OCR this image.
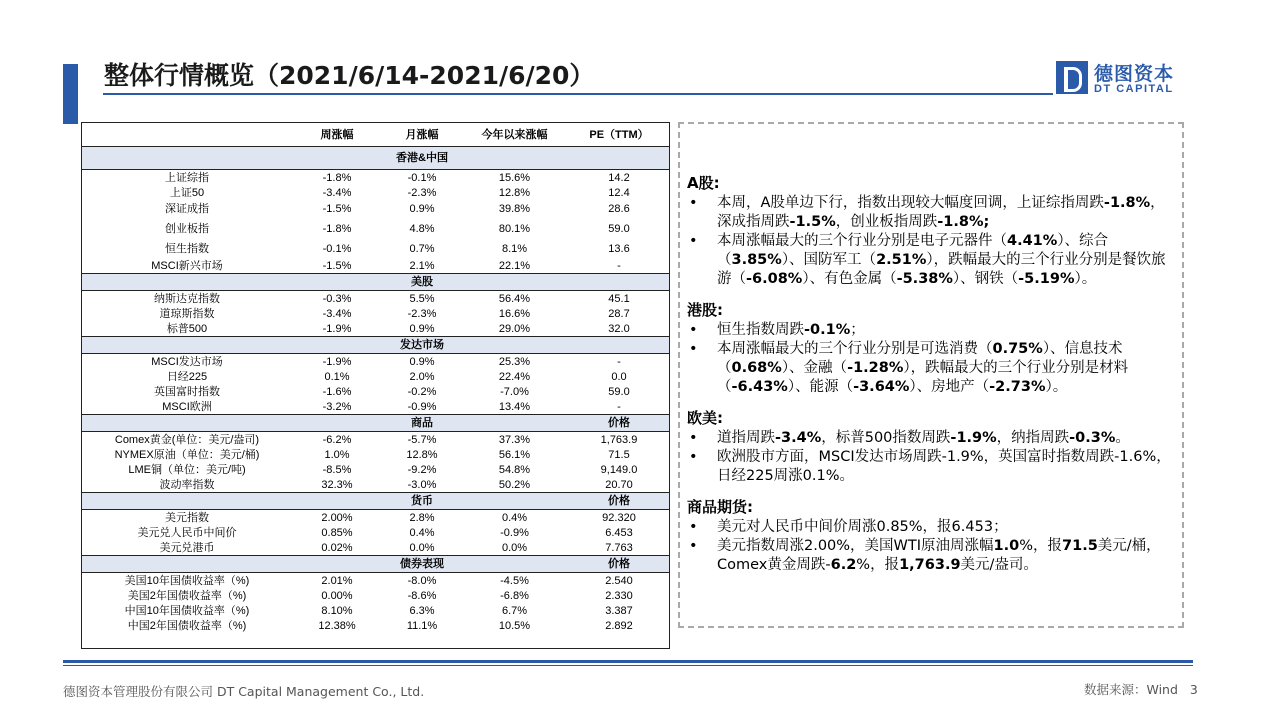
整体行情概览（2021/6/14-2021/6/20）	德图资本
DT CAPITAL
	周涨幅	月涨幅	今年以来涨幅	PE（TTM）
		香港&中国		
上证综指	-1.8%	-0.1%	15.6%	14.2
上证50	-3.4%	-2.3%	12.8%	12.4
深证成指	-1.5%	0.9%	39.8%	28.6
创业板指	-1.8%	4.8%	80.1%	59.0
恒生指数	-0.1%	0.7%	8.1%	13.6
MSCI新兴市场	-1.5%	2.1%	22.1%	-
		美股		
纳斯达克指数	-0.3%	5.5%	56.4%	45.1
道琼斯指数	-3.4%	-2.3%	16.6%	28.7
标普500	-1.9%	0.9%	29.0%	32.0
		发达市场		
MSCI发达市场	-1.9%	0.9%	25.3%	-
日经225	0.1%	2.0%	22.4%	0.0
英国富时指数	-1.6%	-0.2%	-7.0%	59.0
MSCI欧洲	-3.2%	-0.9%	13.4%	-
		商品		价格
Comex黄金(单位：美元/盎司)	-6.2%	-5.7%	37.3%	1,763.9
NYMEX原油（单位：美元/桶)	1.0%	12.8%	56.1%	71.5
LME铜（单位：美元/吨)	-8.5%	-9.2%	54.8%	9,149.0
波动率指数	32.3%	-3.0%	50.2%	20.70
		货币		价格
美元指数	2.00%	2.8%	0.4%	92.320
美元兑人民币中间价	0.85%	0.4%	-0.9%	6.453
美元兑港币	0.02%	0.0%	0.0%	7.763
		债券表现		价格
美国10年国债收益率（%)	2.01%	-8.0%	-4.5%	2.540
美国2年国债收益率（%)	0.00%	-8.6%	-6.8%	2.330
中国10年国债收益率（%)	8.10%	6.3%	6.7%	3.387
中国2年国债收益率（%)	12.38%	11.1%	10.5%	2.892
A股:
• 本周，A股单边下行，指数出现较大幅度回调，上证综指周跌-1.8%，深成指周跌-1.5%，创业板指周跌-1.8%;
• 本周涨幅最大的三个行业分别是电子元器件（4.41%）、综合（3.85%）、国防军工（2.51%），跌幅最大的三个行业分别是餐饮旅游（-6.08%）、有色金属（-5.38%）、钢铁（-5.19%）。
港股:
• 恒生指数周跌-0.1%；
• 本周涨幅最大的三个行业分别是可选消费（0.75%）、信息技术（0.68%）、金融（-1.28%），跌幅最大的三个行业分别是材料（-6.43%）、能源（-3.64%）、房地产（-2.73%）。
欧美:
• 道指周跌-3.4%，标普500指数周跌-1.9%，纳指周跌-0.3%。
• 欧洲股市方面，MSCI发达市场周跌-1.9%，英国富时指数周跌-1.6%，日经225周涨0.1%。
商品期货:
• 美元对人民币中间价周涨0.85%，报6.453；
• 美元指数周涨2.00%，美国WTI原油周涨幅1.0%，报71.5美元/桶，Comex黄金周跌-6.2%，报1,763.9美元/盎司。
德图资本管理股份有限公司 DT Capital Management Co., Ltd.	数据来源：Wind 3
